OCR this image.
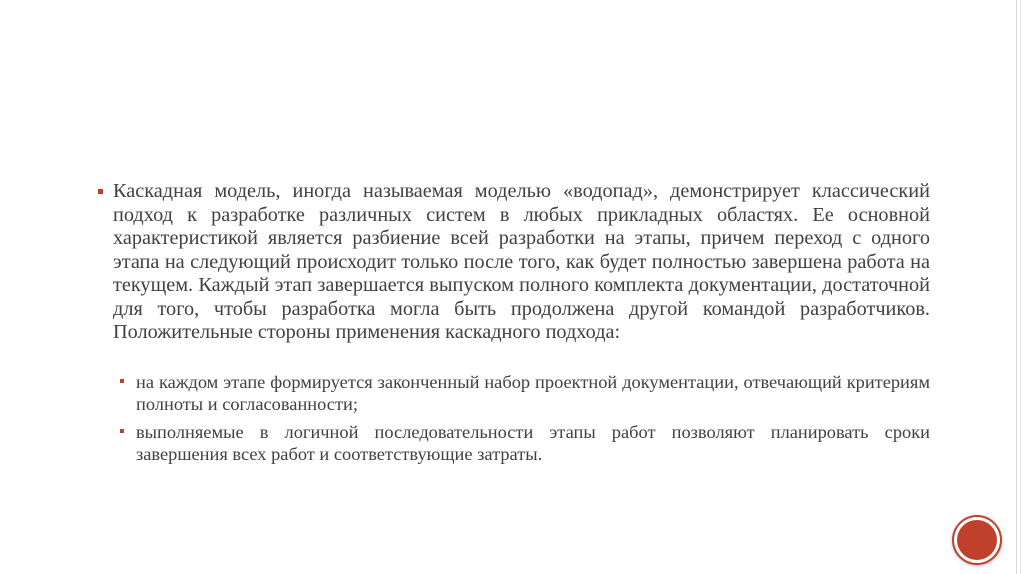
Каскадная модель, иногда называемая моделью «водопад», демонстрирует классический подход к разработке различных систем в любых прикладных областях. Ее основной характеристикой является разбиение всей разработки на этапы, причем переход с одного этапа на следующий происходит только после того, как будет полностью завершена работа на текущем. Каждый этап завершается выпуском полного комплекта документации, достаточной для того, чтобы разработка могла быть продолжена другой командой разработчиков. Положительные стороны применения каскадного подхода:

на каждом этапе формируется законченный набор проектной документации, отвечающий критериям полноты и согласованности;

выполняемые в логичной последовательности этапы работ позволяют планировать сроки завершения всех работ и соответствующие затраты.
